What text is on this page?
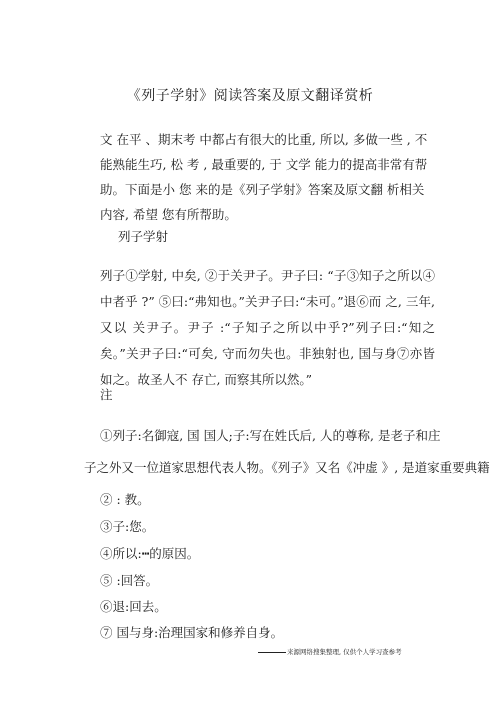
《列子学射》阅读答案及原文翻译赏析
文 在平 、期末考 中都占有很大的比重, 所以, 多做一些 , 不 能熟能生巧, 松 考 , 最重要的, 于 文学 能力的提高非常有帮助。下面是小 您 来的是《列子学射》答案及原文翻 析相关内容, 希望 您有所帮助。
列子学射
列子①学射, 中矣, ②于关尹子。尹子曰: “子③知子之所以④中者乎 ?” ⑤曰:“弗知也。”关尹子曰:“未可。”退⑥而 之, 三年, 又以 关尹子。尹子 :“子知子之所以中乎?”列子曰:“知之矣。”关尹子曰:“可矣, 守而勿失也。非独射也, 国与身⑦亦皆如之。故圣人不 存亡, 而察其所以然。”
注
①列子:名御寇, 国 国人;子:写在姓氏后, 人的尊称, 是老子和庄
子之外又一位道家思想代表人物。《列子》又名《冲虚 》, 是道家重要典籍
② : 教。
③子:您。
④所以:┅的原因。
⑤ :回答。
⑥退:回去。
⑦ 国与身:治理国家和修养自身。
来源网络搜集整理, 仅供个人学习查参考
